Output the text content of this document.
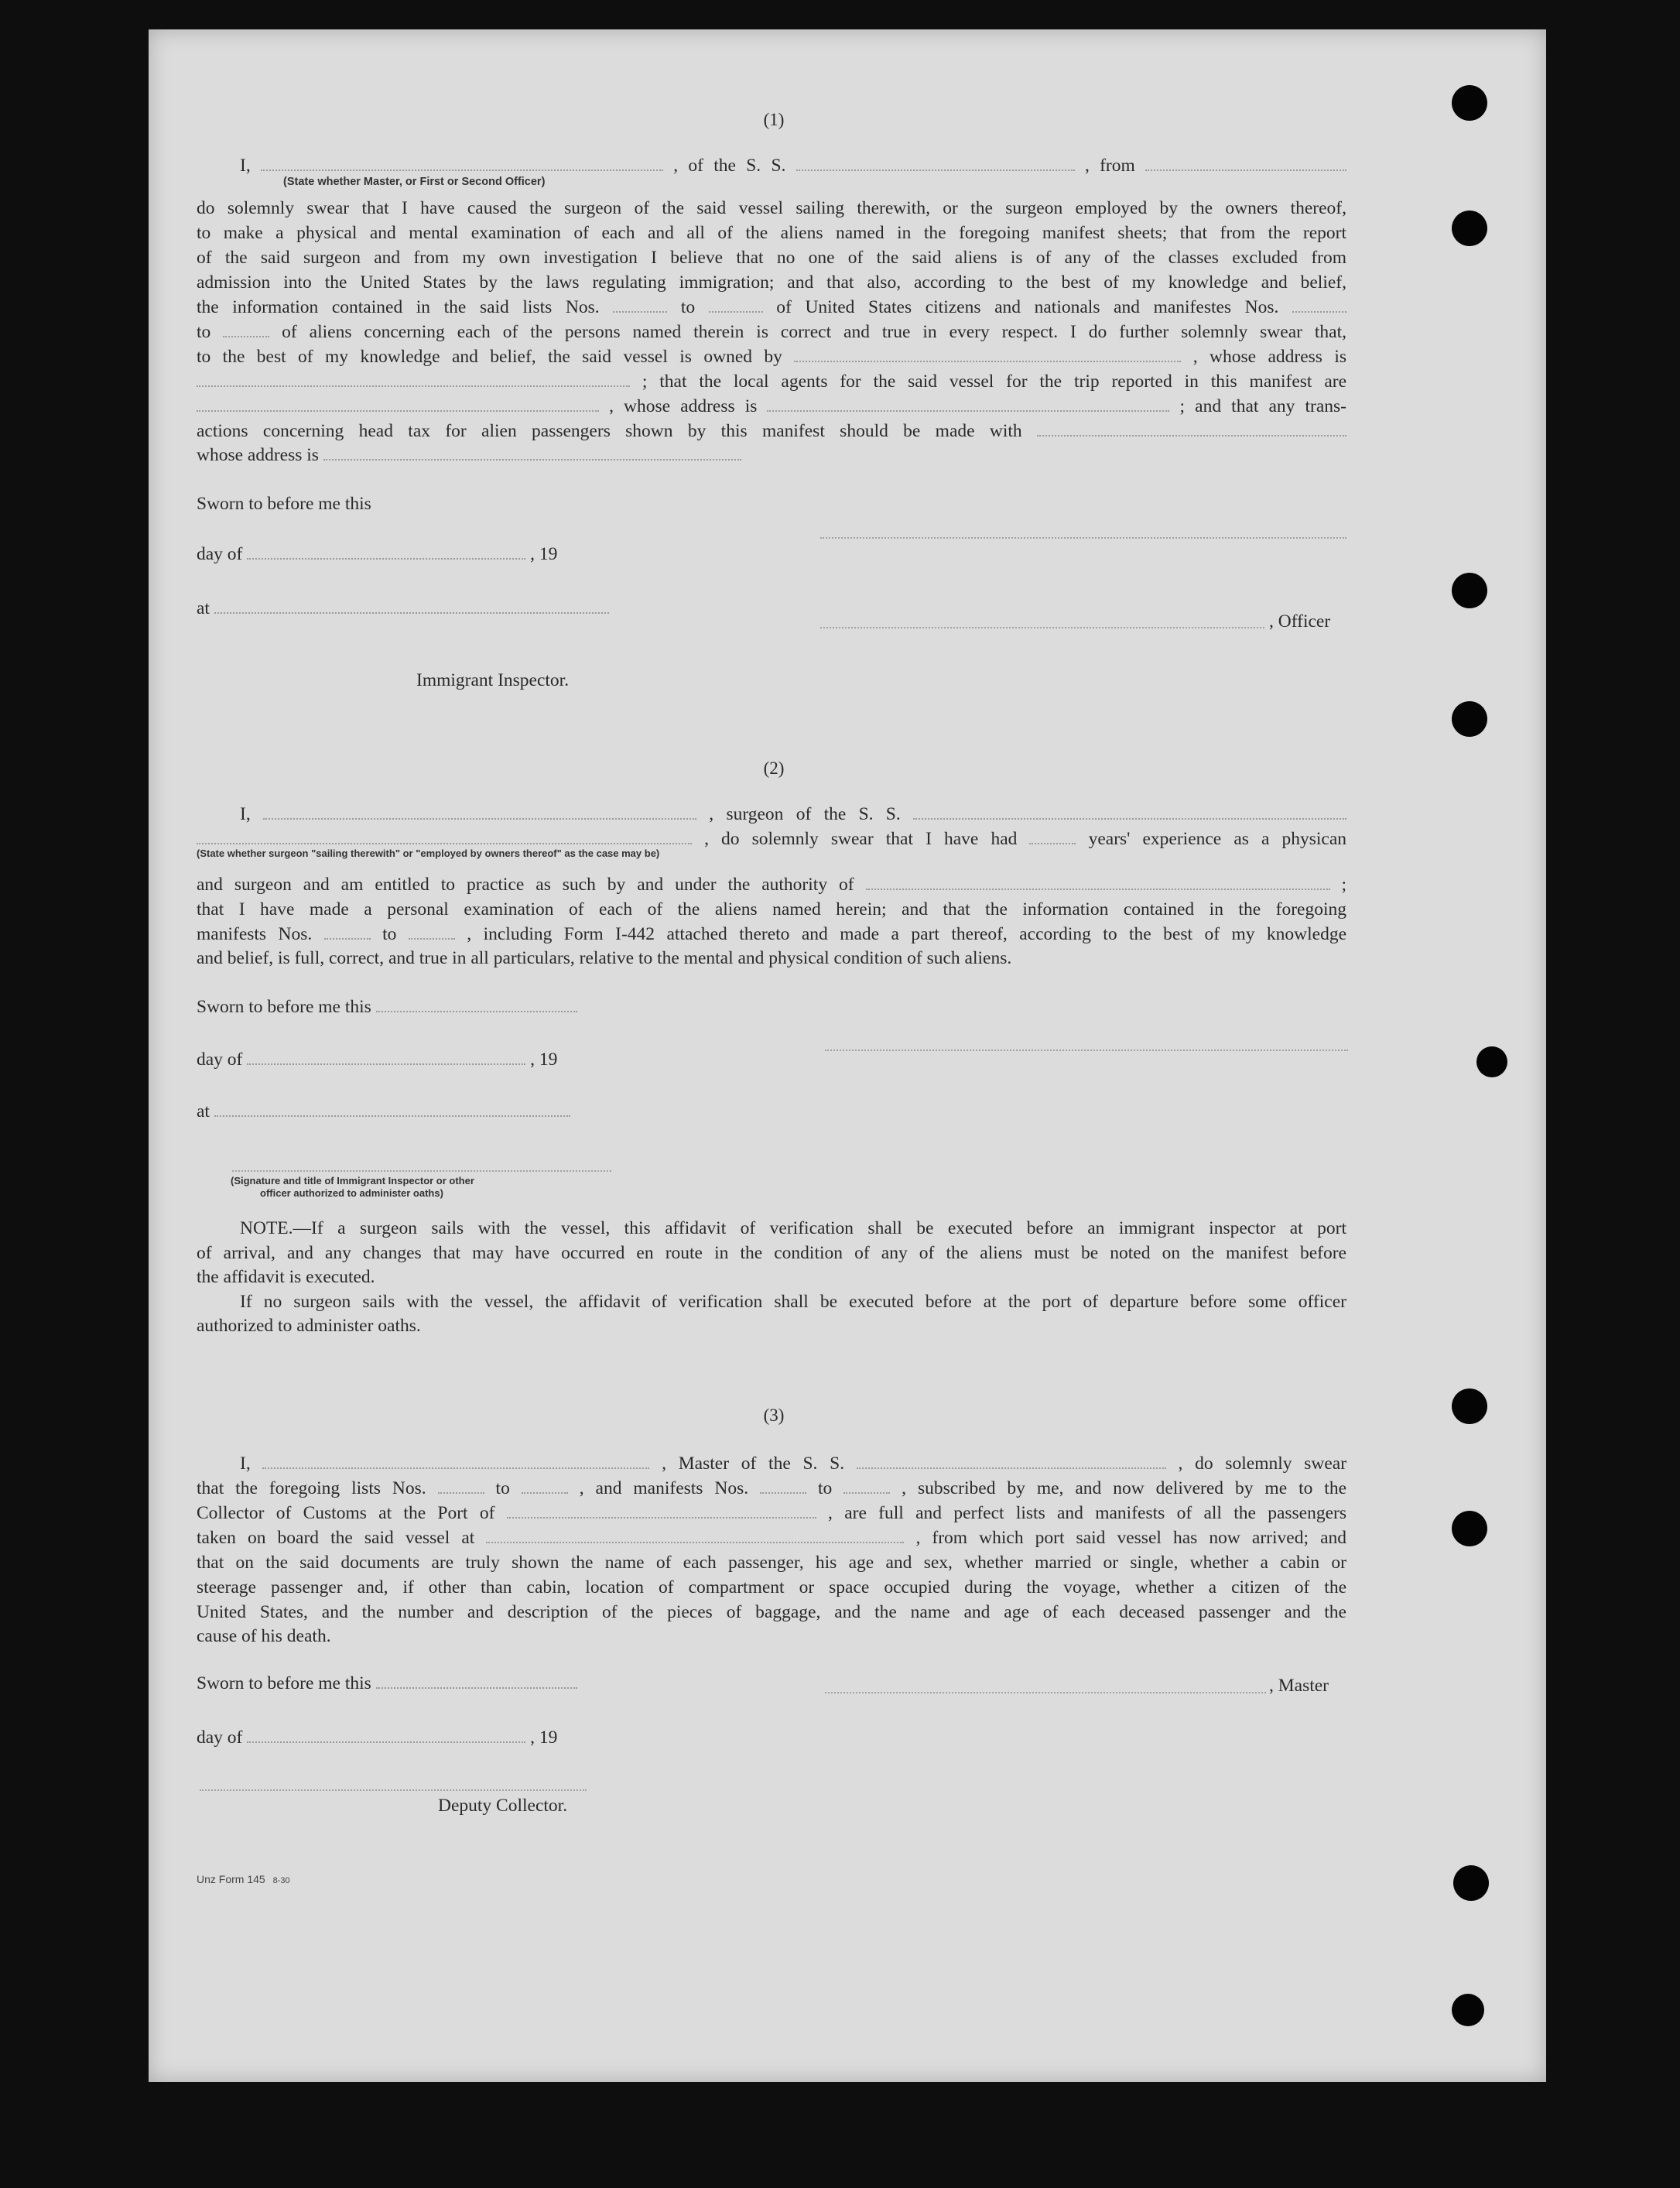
(1)
I,	, of the S. S.	, from
(State whether Master, or First or Second Officer)
do solemnly swear that I have caused the surgeon of the said vessel sailing therewith, or the surgeon employed by the owners thereof,
to make a physical and mental examination of each and all of the aliens named in the foregoing manifest sheets; that from the report
of the said surgeon and from my own investigation I believe that no one of the said aliens is of any of the classes excluded from
admission into the United States by the laws regulating immigration; and that also, according to the best of my knowledge and belief,
the information contained in the said lists Nos.	to	of United States citizens and nationals and manifestes Nos.
to	of aliens concerning each of the persons named therein is correct and true in every respect. I do further solemnly swear that,
to the best of my knowledge and belief, the said vessel is owned by	, whose address is
; that the local agents for the said vessel for the trip reported in this manifest are
, whose address is	; and that any trans-
actions concerning head tax for alien passengers shown by this manifest should be made with
whose address is
Sworn to before me this
day of	, 19
at
, Officer
Immigrant Inspector.
(2)
I,	, surgeon of the S. S.
, do solemnly swear that I have had	years' experience as a physican
(State whether surgeon "sailing therewith" or "employed by owners thereof" as the case may be)
and surgeon and am entitled to practice as such by and under the authority of	;
that I have made a personal examination of each of the aliens named herein; and that the information contained in the foregoing
manifests Nos.	to	, including Form I-442 attached thereto and made a part thereof, according to the best of my knowledge
and belief, is full, correct, and true in all particulars, relative to the mental and physical condition of such aliens.
Sworn to before me this
day of	, 19
at
(Signature and title of Immigrant Inspector or other
officer authorized to administer oaths)
NOTE.—If a surgeon sails with the vessel, this affidavit of verification shall be executed before an immigrant inspector at port
of arrival, and any changes that may have occurred en route in the condition of any of the aliens must be noted on the manifest before
the affidavit is executed.
If no surgeon sails with the vessel, the affidavit of verification shall be executed before at the port of departure before some officer
authorized to administer oaths.
(3)
I,	, Master of the S. S.	, do solemnly swear
that the foregoing lists Nos.	to	, and manifests Nos.	to	, subscribed by me, and now delivered by me to the
Collector of Customs at the Port of	, are full and perfect lists and manifests of all the passengers
taken on board the said vessel at	, from which port said vessel has now arrived; and
that on the said documents are truly shown the name of each passenger, his age and sex, whether married or single, whether a cabin or
steerage passenger and, if other than cabin, location of compartment or space occupied during the voyage, whether a citizen of the
United States, and the number and description of the pieces of baggage, and the name and age of each deceased passenger and the
cause of his death.
Sworn to before me this	, Master
day of	, 19
Deputy Collector.
Unz Form 145 8-30
